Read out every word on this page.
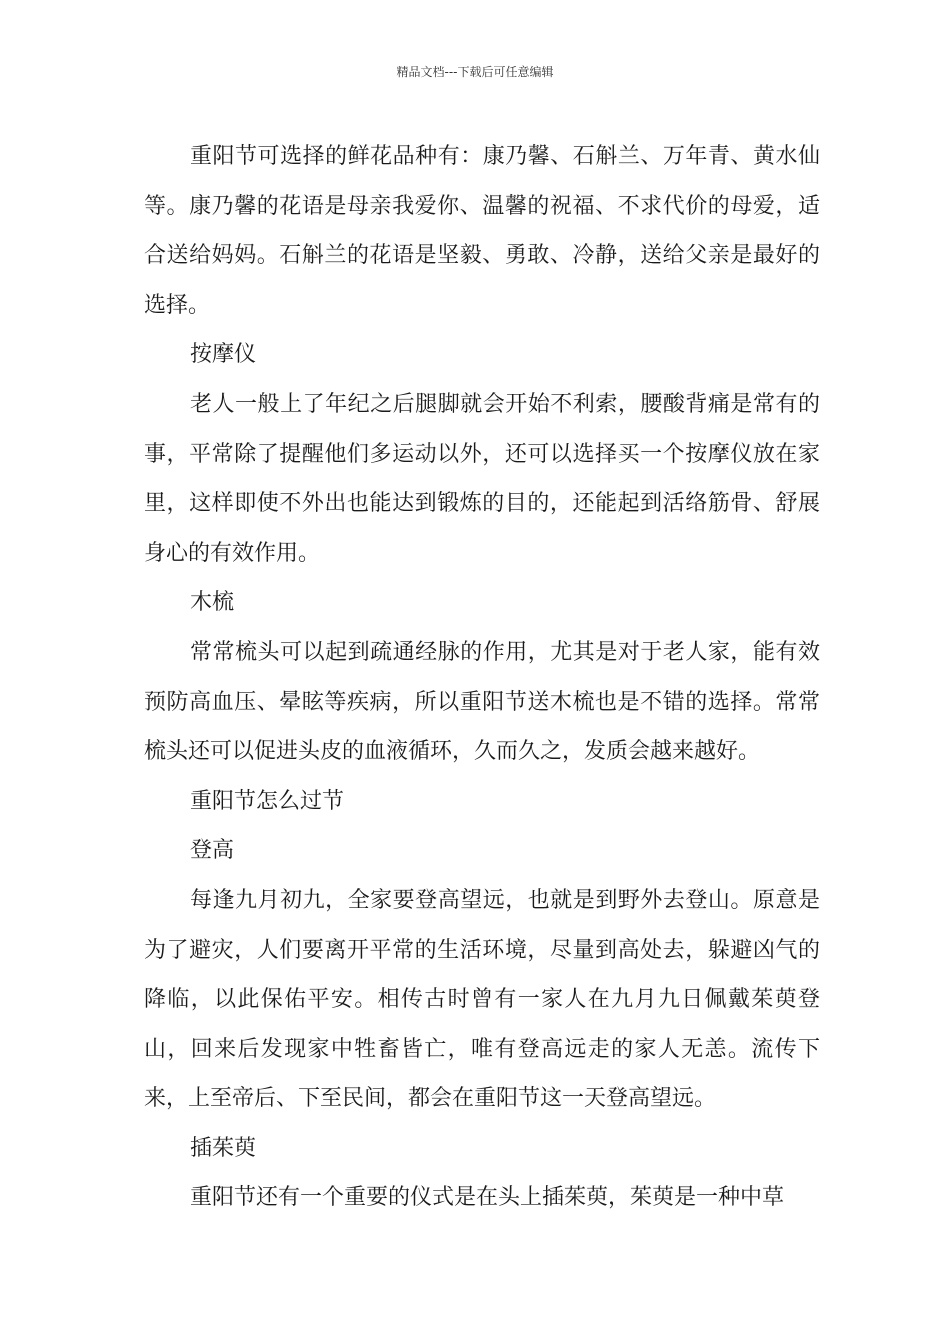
精品文档---下载后可任意编辑

重阳节可选择的鲜花品种有：康乃馨、石斛兰、万年青、黄水仙等。康乃馨的花语是母亲我爱你、温馨的祝福、不求代价的母爱，适合送给妈妈。石斛兰的花语是坚毅、勇敢、冷静，送给父亲是最好的选择。

按摩仪

老人一般上了年纪之后腿脚就会开始不利索，腰酸背痛是常有的事，平常除了提醒他们多运动以外，还可以选择买一个按摩仪放在家里，这样即使不外出也能达到锻炼的目的，还能起到活络筋骨、舒展身心的有效作用。

木梳

常常梳头可以起到疏通经脉的作用，尤其是对于老人家，能有效预防高血压、晕眩等疾病，所以重阳节送木梳也是不错的选择。常常梳头还可以促进头皮的血液循环，久而久之，发质会越来越好。

重阳节怎么过节

登高

每逢九月初九，全家要登高望远，也就是到野外去登山。原意是为了避灾，人们要离开平常的生活环境，尽量到高处去，躲避凶气的降临，以此保佑平安。相传古时曾有一家人在九月九日佩戴茱萸登山，回来后发现家中牲畜皆亡，唯有登高远走的家人无恙。流传下来，上至帝后、下至民间，都会在重阳节这一天登高望远。

插茱萸

重阳节还有一个重要的仪式是在头上插茱萸，茱萸是一种中草
